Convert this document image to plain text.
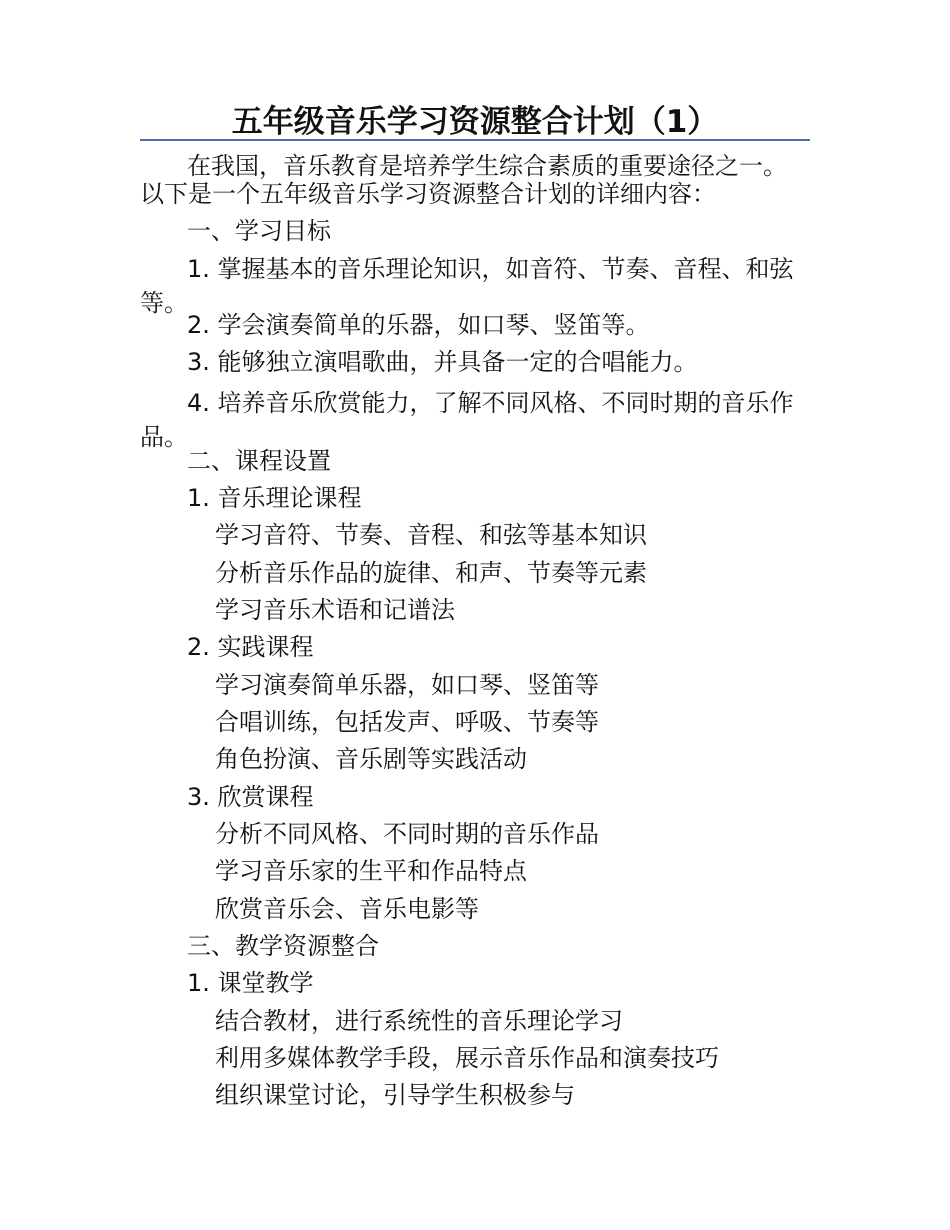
五年级音乐学习资源整合计划（1）
在我国，音乐教育是培养学生综合素质的重要途径之一。以下是一个五年级音乐学习资源整合计划的详细内容：
一、学习目标
1. 掌握基本的音乐理论知识，如音符、节奏、音程、和弦等。
2. 学会演奏简单的乐器，如口琴、竖笛等。
3. 能够独立演唱歌曲，并具备一定的合唱能力。
4. 培养音乐欣赏能力，了解不同风格、不同时期的音乐作品。
二、课程设置
1. 音乐理论课程
学习音符、节奏、音程、和弦等基本知识
分析音乐作品的旋律、和声、节奏等元素
学习音乐术语和记谱法
2. 实践课程
学习演奏简单乐器，如口琴、竖笛等
合唱训练，包括发声、呼吸、节奏等
角色扮演、音乐剧等实践活动
3. 欣赏课程
分析不同风格、不同时期的音乐作品
学习音乐家的生平和作品特点
欣赏音乐会、音乐电影等
三、教学资源整合
1. 课堂教学
结合教材，进行系统性的音乐理论学习
利用多媒体教学手段，展示音乐作品和演奏技巧
组织课堂讨论，引导学生积极参与
